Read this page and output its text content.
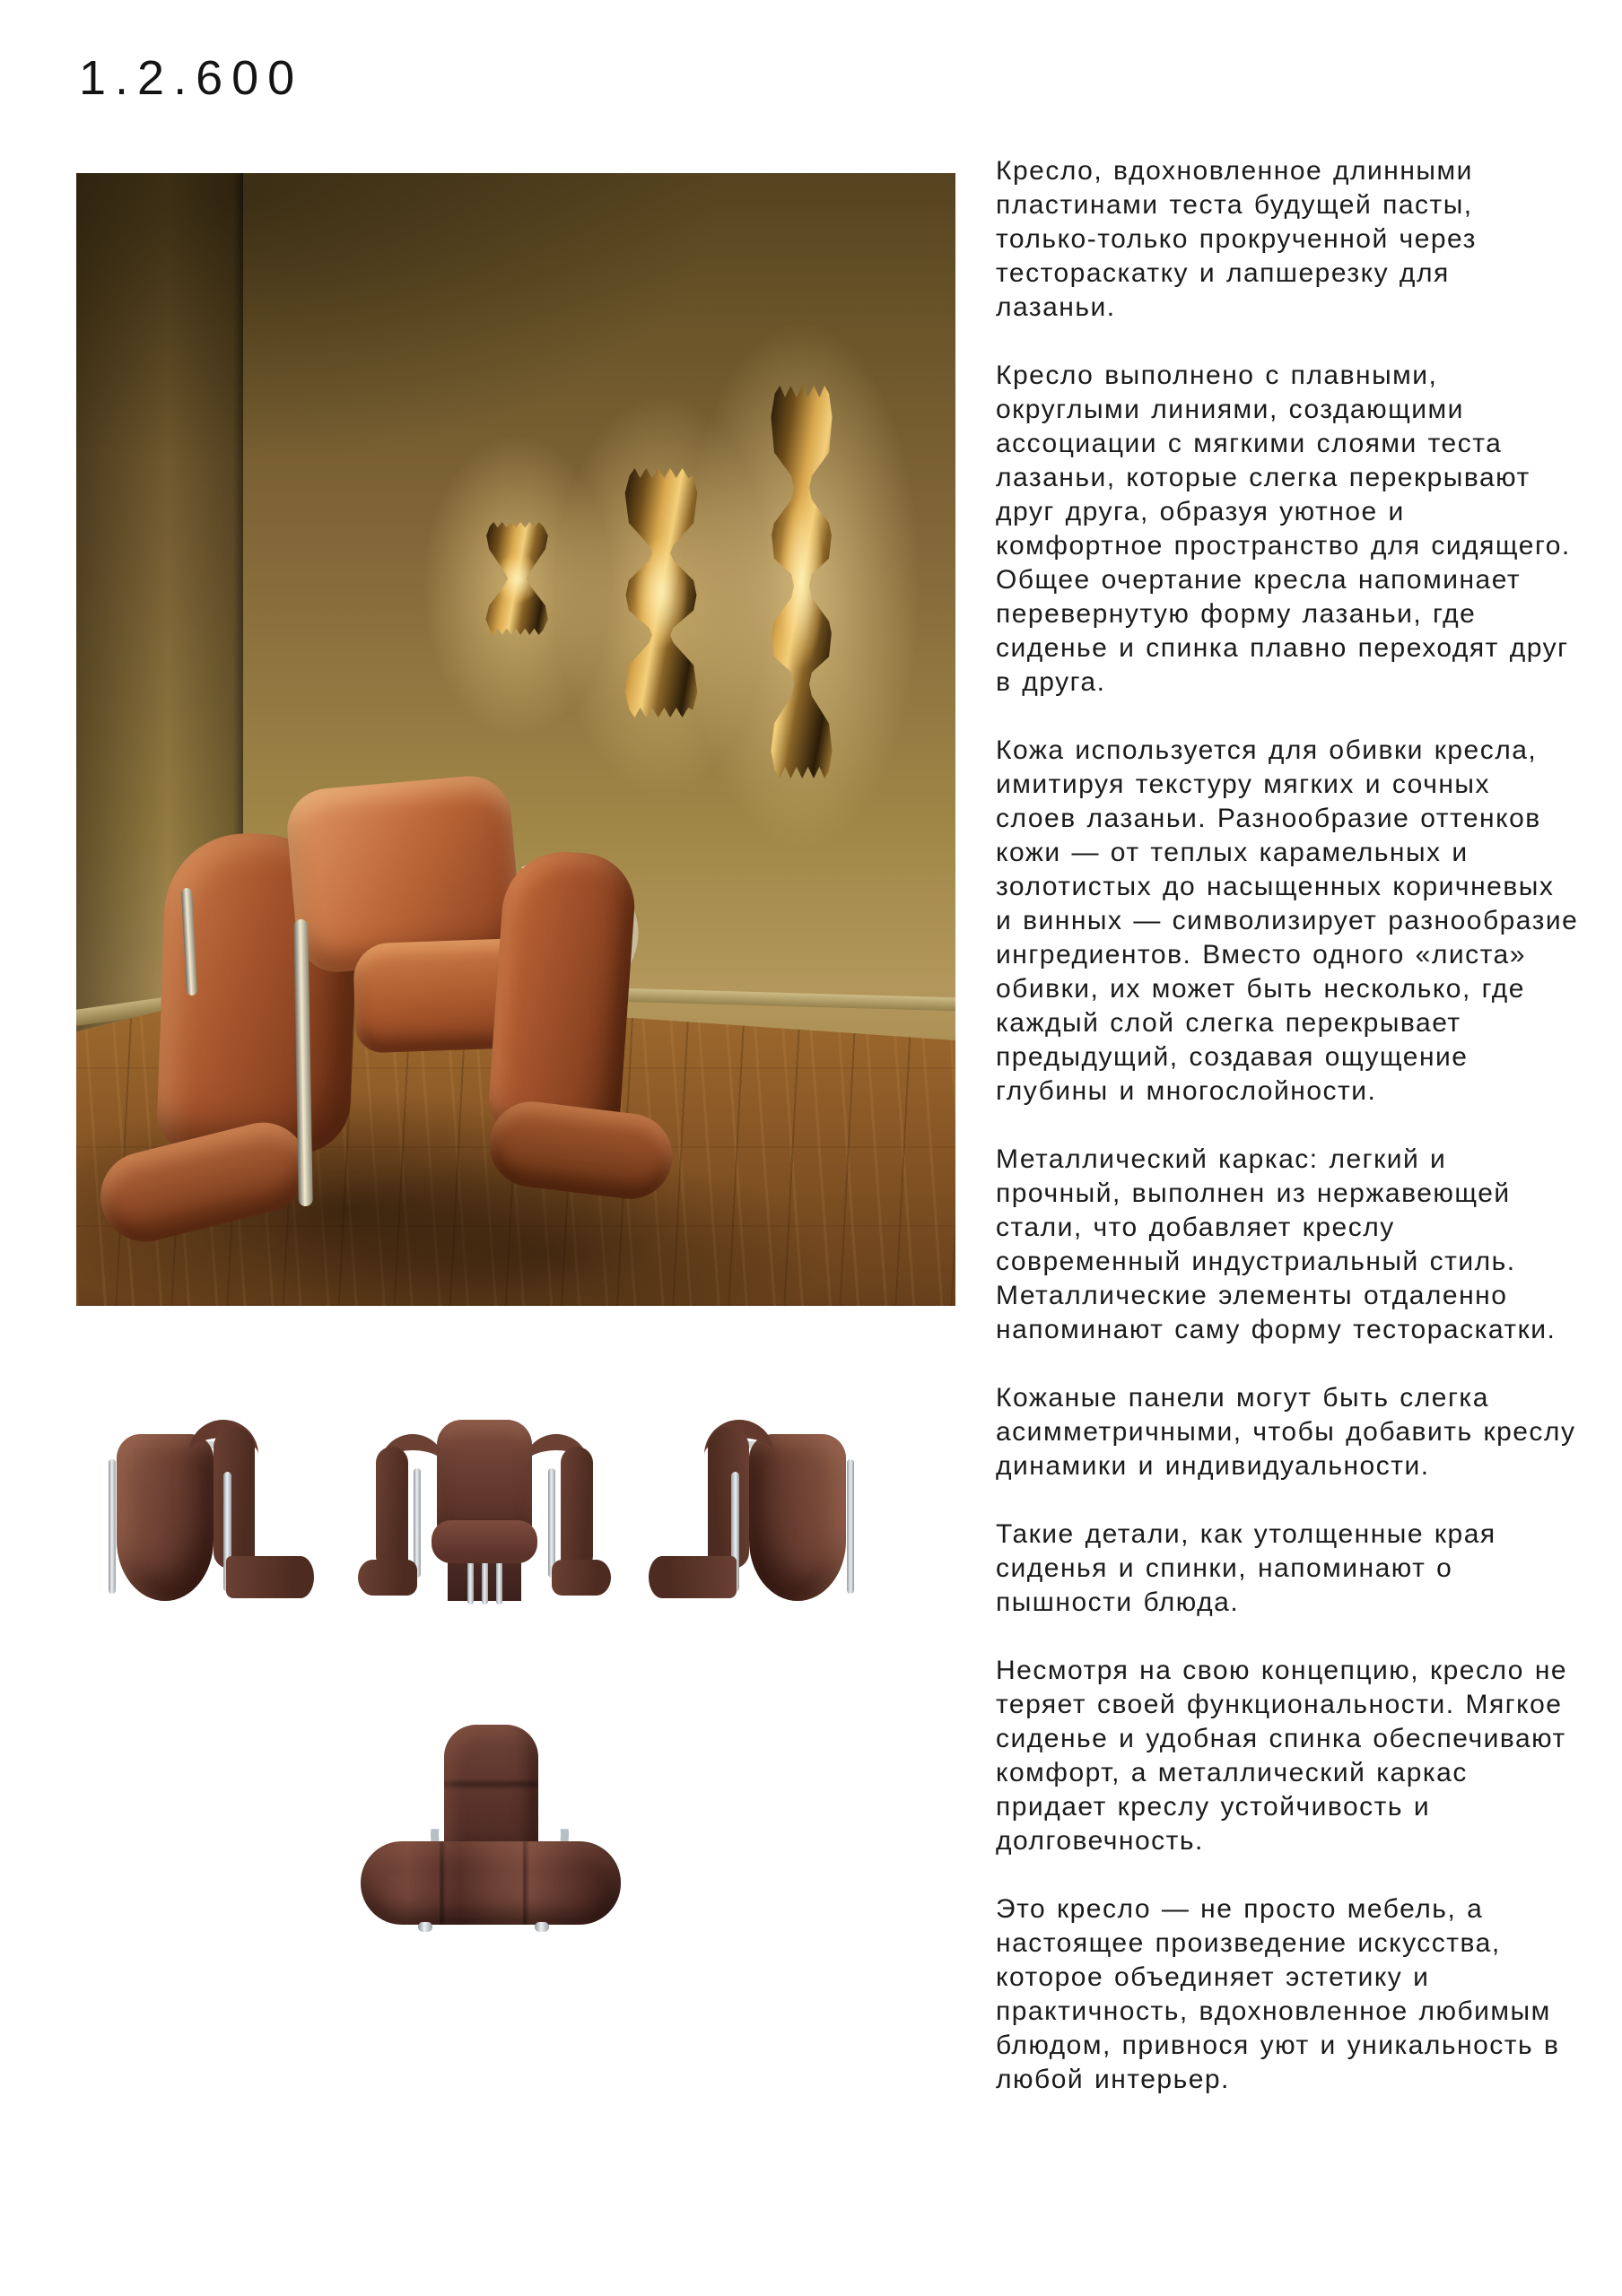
1.2.600

Кресло, вдохновленное длинными пластинами теста будущей пасты, только-только прокрученной через тестораскатку и лапшерезку для лазаньи.

Кресло выполнено с плавными, округлыми линиями, создающими ассоциации с мягкими слоями теста лазаньи, которые слегка перекрывают друг друга, образуя уютное и комфортное пространство для сидящего. Общее очертание кресла напоминает перевернутую форму лазаньи, где сиденье и спинка плавно переходят друг в друга.

Кожа используется для обивки кресла, имитируя текстуру мягких и сочных слоев лазаньи. Разнообразие оттенков кожи — от теплых карамельных и золотистых до насыщенных коричневых и винных — символизирует разнообразие ингредиентов. Вместо одного «листа» обивки, их может быть несколько, где каждый слой слегка перекрывает предыдущий, создавая ощущение глубины и многослойности.

Металлический каркас: легкий и прочный, выполнен из нержавеющей стали, что добавляет креслу современный индустриальный стиль. Металлические элементы отдаленно напоминают саму форму тестораскатки.

Кожаные панели могут быть слегка асимметричными, чтобы добавить креслу динамики и индивидуальности.

Такие детали, как утолщенные края сиденья и спинки, напоминают о пышности блюда.

Несмотря на свою концепцию, кресло не теряет своей функциональности. Мягкое сиденье и удобная спинка обеспечивают комфорт, а металлический каркас придает креслу устойчивость и долговечность.

Это кресло — не просто мебель, а настоящее произведение искусства, которое объединяет эстетику и практичность, вдохновленное любимым блюдом, привнося уют и уникальность в любой интерьер.
